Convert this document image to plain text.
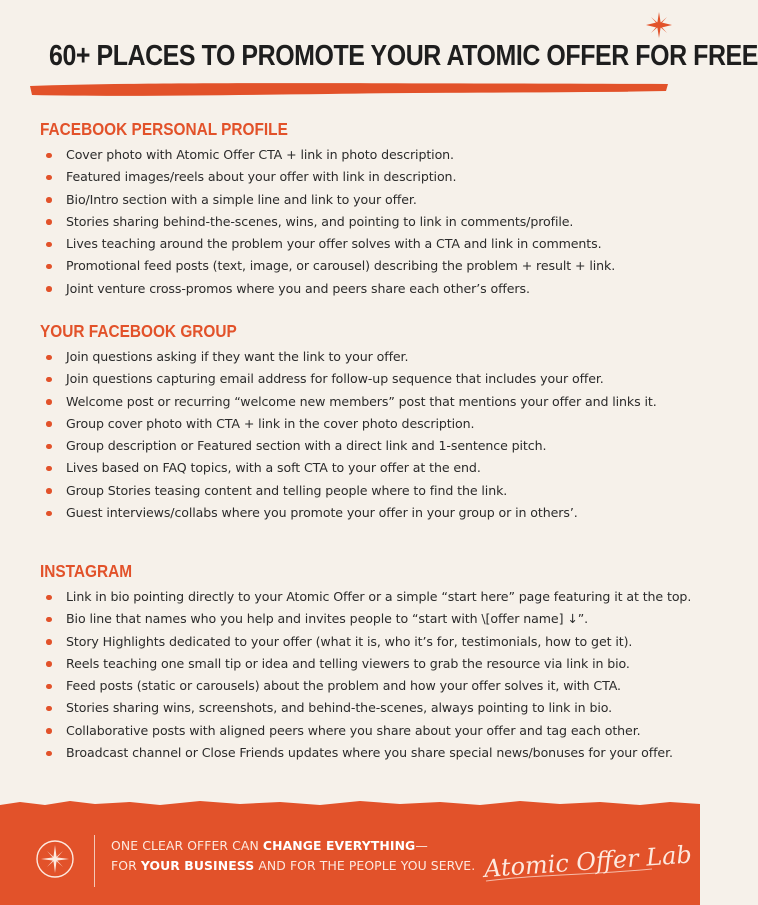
60+ PLACES TO PROMOTE YOUR ATOMIC OFFER FOR FREE
FACEBOOK PERSONAL PROFILE
Cover photo with Atomic Offer CTA + link in photo description.
Featured images/reels about your offer with link in description.
Bio/Intro section with a simple line and link to your offer.
Stories sharing behind-the-scenes, wins, and pointing to link in comments/profile.
Lives teaching around the problem your offer solves with a CTA and link in comments.
Promotional feed posts (text, image, or carousel) describing the problem + result + link.
Joint venture cross-promos where you and peers share each other’s offers.
YOUR FACEBOOK GROUP
Join questions asking if they want the link to your offer.
Join questions capturing email address for follow-up sequence that includes your offer.
Welcome post or recurring “welcome new members” post that mentions your offer and links it.
Group cover photo with CTA + link in the cover photo description.
Group description or Featured section with a direct link and 1-sentence pitch.
Lives based on FAQ topics, with a soft CTA to your offer at the end.
Group Stories teasing content and telling people where to find the link.
Guest interviews/collabs where you promote your offer in your group or in others’.
INSTAGRAM
Link in bio pointing directly to your Atomic Offer or a simple “start here” page featuring it at the top.
Bio line that names who you help and invites people to “start with \[offer name] ↓”.
Story Highlights dedicated to your offer (what it is, who it’s for, testimonials, how to get it).
Reels teaching one small tip or idea and telling viewers to grab the resource via link in bio.
Feed posts (static or carousels) about the problem and how your offer solves it, with CTA.
Stories sharing wins, screenshots, and behind-the-scenes, always pointing to link in bio.
Collaborative posts with aligned peers where you share about your offer and tag each other.
Broadcast channel or Close Friends updates where you share special news/bonuses for your offer.
ONE CLEAR OFFER CAN CHANGE EVERYTHING—
FOR YOUR BUSINESS AND FOR THE PEOPLE YOU SERVE. Atomic Offer Lab
